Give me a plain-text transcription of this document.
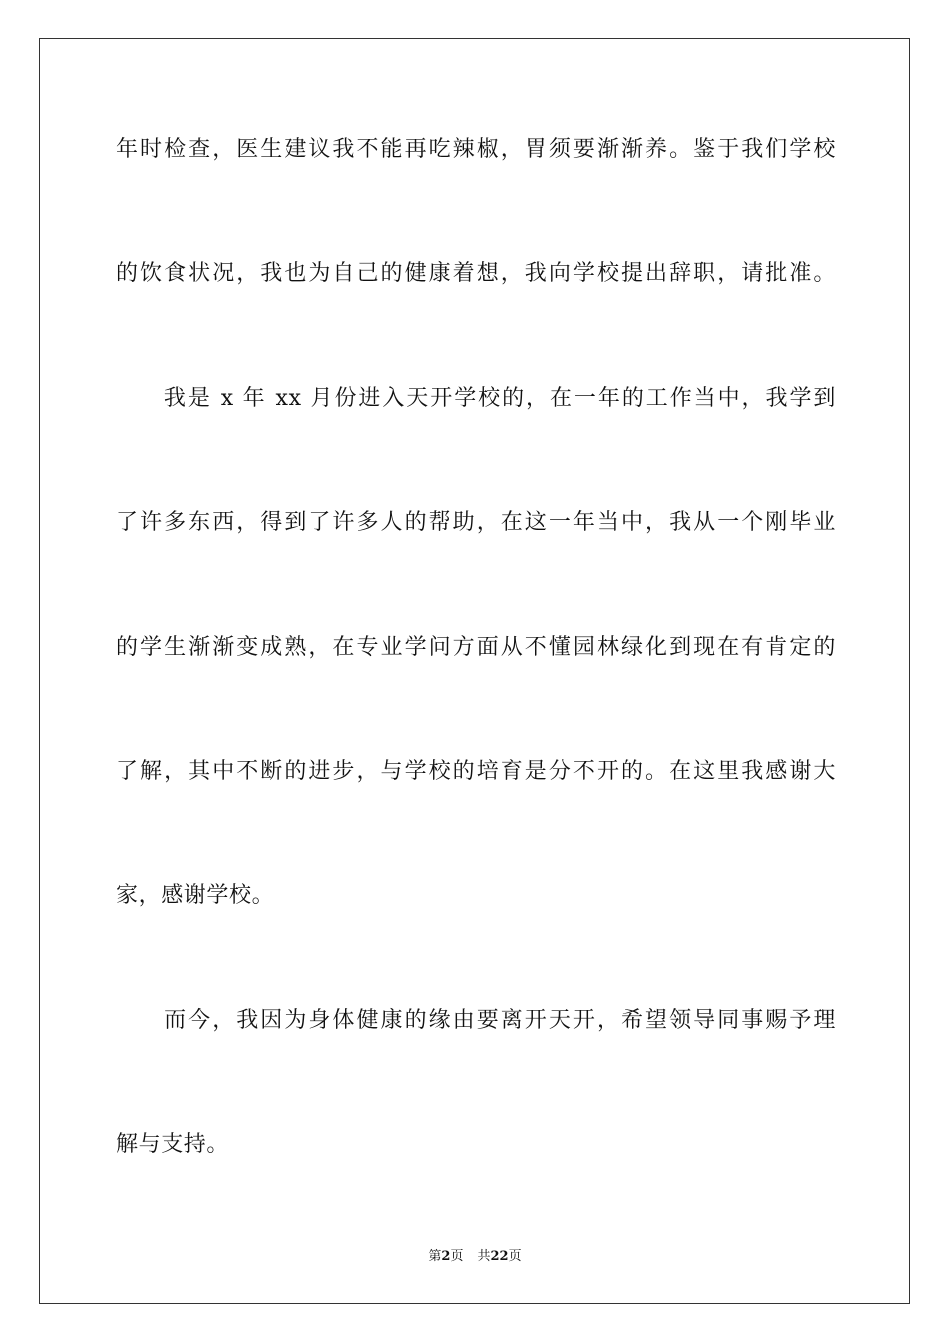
年时检查，医生建议我不能再吃辣椒，胃须要渐渐养。鉴于我们学校
的饮食状况，我也为自己的健康着想，我向学校提出辞职，请批准。
　　我是 x 年 xx 月份进入天开学校的，在一年的工作当中，我学到
了许多东西，得到了许多人的帮助，在这一年当中，我从一个刚毕业
的学生渐渐变成熟，在专业学问方面从不懂园林绿化到现在有肯定的
了解，其中不断的进步，与学校的培育是分不开的。在这里我感谢大
家，感谢学校。
　　而今，我因为身体健康的缘由要离开天开，希望领导同事赐予理
解与支持。
第2页 共22页
